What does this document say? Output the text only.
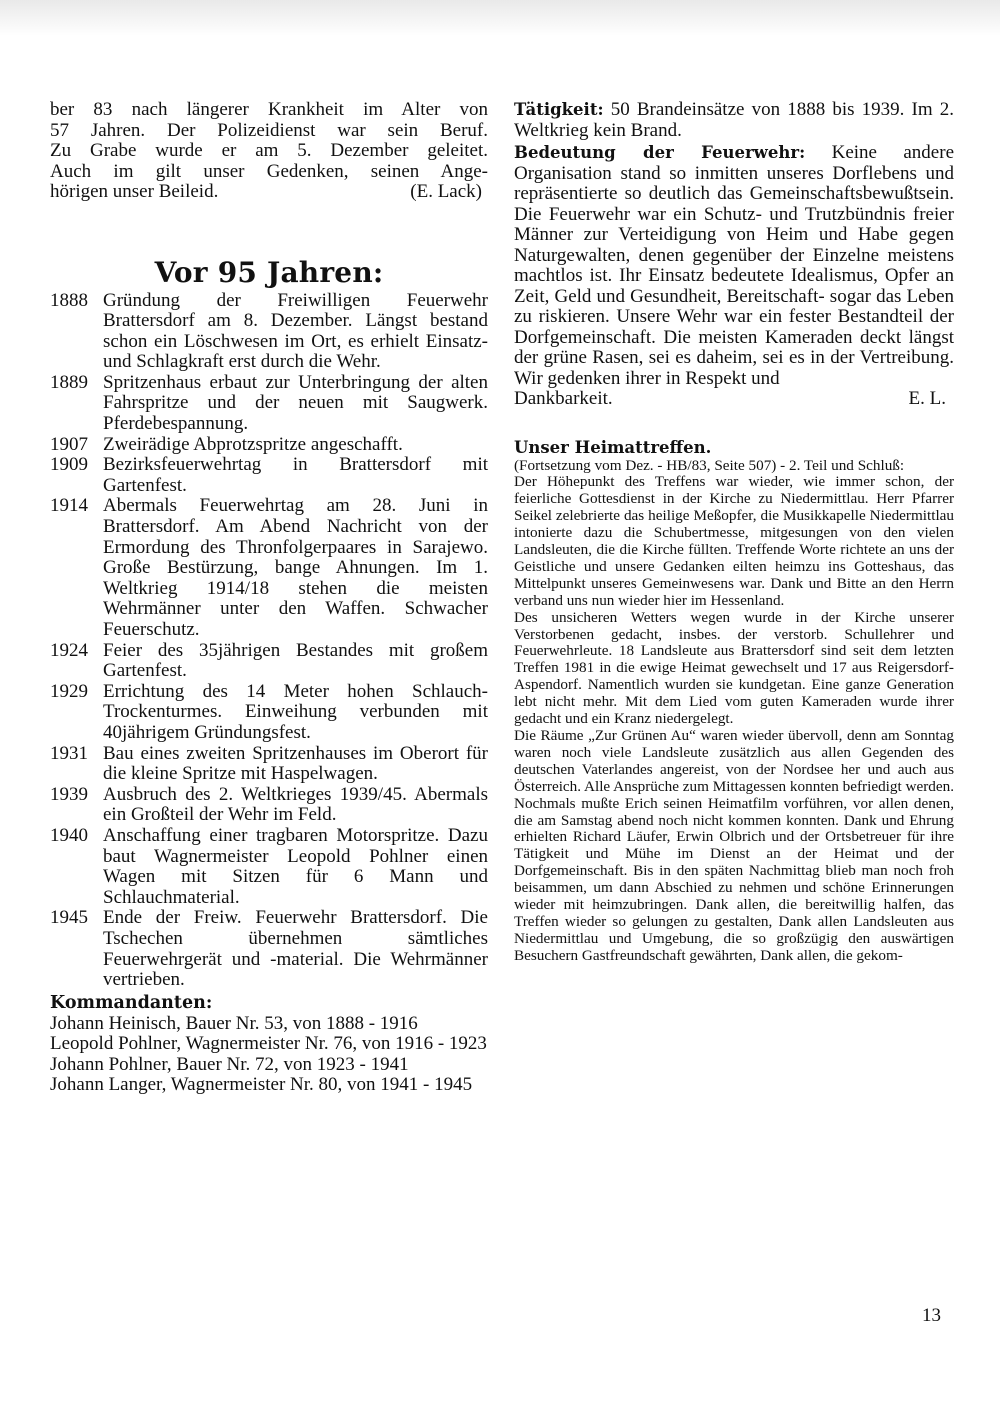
ber 83 nach längerer Krankheit im Alter von

57 Jahren. Der Polizeidienst war sein Beruf.

Zu Grabe wurde er am 5. Dezember geleitet.

Auch im gilt unser Gedenken, seinen Ange-

hörigen unser Beileid.	(E. Lack)
Vor 95 Jahren:
1888 Gründung der Freiwilligen Feuerwehr Brattersdorf am 8. Dezember. Längst bestand schon ein Löschwesen im Ort, es erhielt Einsatz- und Schlagkraft erst durch die Wehr.
1889 Spritzenhaus erbaut zur Unterbringung der alten Fahrspritze und der neuen mit Saugwerk. Pferdebespannung.
1907 Zweirädige Abprotzspritze angeschafft.
1909 Bezirksfeuerwehrtag in Brattersdorf mit Gartenfest.
1914 Abermals Feuerwehrtag am 28. Juni in Brattersdorf. Am Abend Nachricht von der Ermordung des Thronfolgerpaares in Sarajewo. Große Bestürzung, bange Ahnungen. Im 1. Weltkrieg 1914/18 stehen die meisten Wehrmänner unter den Waffen. Schwacher Feuerschutz.
1924 Feier des 35jährigen Bestandes mit großem Gartenfest.
1929 Errichtung des 14 Meter hohen Schlauch-Trockenturmes. Einweihung verbunden mit 40jährigem Gründungsfest.
1931 Bau eines zweiten Spritzenhauses im Oberort für die kleine Spritze mit Haspelwagen.
1939 Ausbruch des 2. Weltkrieges 1939/45. Abermals ein Großteil der Wehr im Feld.
1940 Anschaffung einer tragbaren Motorspritze. Dazu baut Wagnermeister Leopold Pohlner einen Wagen mit Sitzen für 6 Mann und Schlauchmaterial.
1945 Ende der Freiw. Feuerwehr Brattersdorf. Die Tschechen übernehmen sämtliches Feuerwehrgerät und -material. Die Wehrmänner vertrieben.
Kommandanten:

Johann Heinisch, Bauer Nr. 53, von 1888 - 1916

Leopold Pohlner, Wagnermeister Nr. 76, von 1916 - 1923

Johann Pohlner, Bauer Nr. 72, von 1923 - 1941

Johann Langer, Wagnermeister Nr. 80, von 1941 - 1945

Tätigkeit: 50 Brandeinsätze von 1888 bis 1939. Im 2. Weltkrieg kein Brand.

Bedeutung der Feuerwehr: Keine andere Organisation stand so inmitten unseres Dorflebens und repräsentierte so deutlich das Gemeinschaftsbewußtsein. Die Feuerwehr war ein Schutz- und Trutzbündnis freier Männer zur Verteidigung von Heim und Habe gegen Naturgewalten, denen gegenüber der Einzelne meistens machtlos ist. Ihr Einsatz bedeutete Idealismus, Opfer an Zeit, Geld und Gesundheit, Bereitschaft- sogar das Leben zu riskieren. Unsere Wehr war ein fester Bestandteil der Dorfgemeinschaft. Die meisten Kameraden deckt längst der grüne Rasen, sei es daheim, sei es in der Vertreibung. Wir gedenken ihrer in Respekt und

Dankbarkeit.	E. L.
Unser Heimattreffen.

(Fortsetzung vom Dez. - HB/83, Seite 507) - 2. Teil und Schluß:

Der Höhepunkt des Treffens war wieder, wie immer schon, der feierliche Gottesdienst in der Kirche zu Niedermittlau. Herr Pfarrer Seikel zelebrierte das heilige Meßopfer, die Musikkapelle Niedermittlau intonierte dazu die Schubertmesse, mitgesungen von den vielen Landsleuten, die die Kirche füllten. Treffende Worte richtete an uns der Geistliche und unsere Gedanken eilten heimzu ins Gotteshaus, das Mittelpunkt unseres Gemeinwesens war. Dank und Bitte an den Herrn verband uns nun wieder hier im Hessenland.

Des unsicheren Wetters wegen wurde in der Kirche unserer Verstorbenen gedacht, insbes. der verstorb. Schullehrer und Feuerwehrleute. 18 Landsleute aus Brattersdorf sind seit dem letzten Treffen 1981 in die ewige Heimat gewechselt und 17 aus Reigersdorf-Aspendorf. Namentlich wurden sie kundgetan. Eine ganze Generation lebt nicht mehr. Mit dem Lied vom guten Kameraden wurde ihrer gedacht und ein Kranz niedergelegt.

Die Räume „Zur Grünen Au“ waren wieder übervoll, denn am Sonntag waren noch viele Landsleute zusätzlich aus allen Gegenden des deutschen Vaterlandes angereist, von der Nordsee her und auch aus Österreich. Alle Ansprüche zum Mittagessen konnten befriedigt werden. Nochmals mußte Erich seinen Heimatfilm vorführen, vor allen denen, die am Samstag abend noch nicht kommen konnten. Dank und Ehrung erhielten Richard Läufer, Erwin Olbrich und der Ortsbetreuer für ihre Tätigkeit und Mühe im Dienst an der Heimat und der Dorfgemeinschaft. Bis in den späten Nachmittag blieb man noch froh beisammen, um dann Abschied zu nehmen und schöne Erinnerungen wieder mit heimzubringen. Dank allen, die bereitwillig halfen, das Treffen wieder so gelungen zu gestalten, Dank allen Landsleuten aus Niedermittlau und Umgebung, die so großzügig den auswärtigen Besuchern Gastfreundschaft gewährten, Dank allen, die gekom-

13
